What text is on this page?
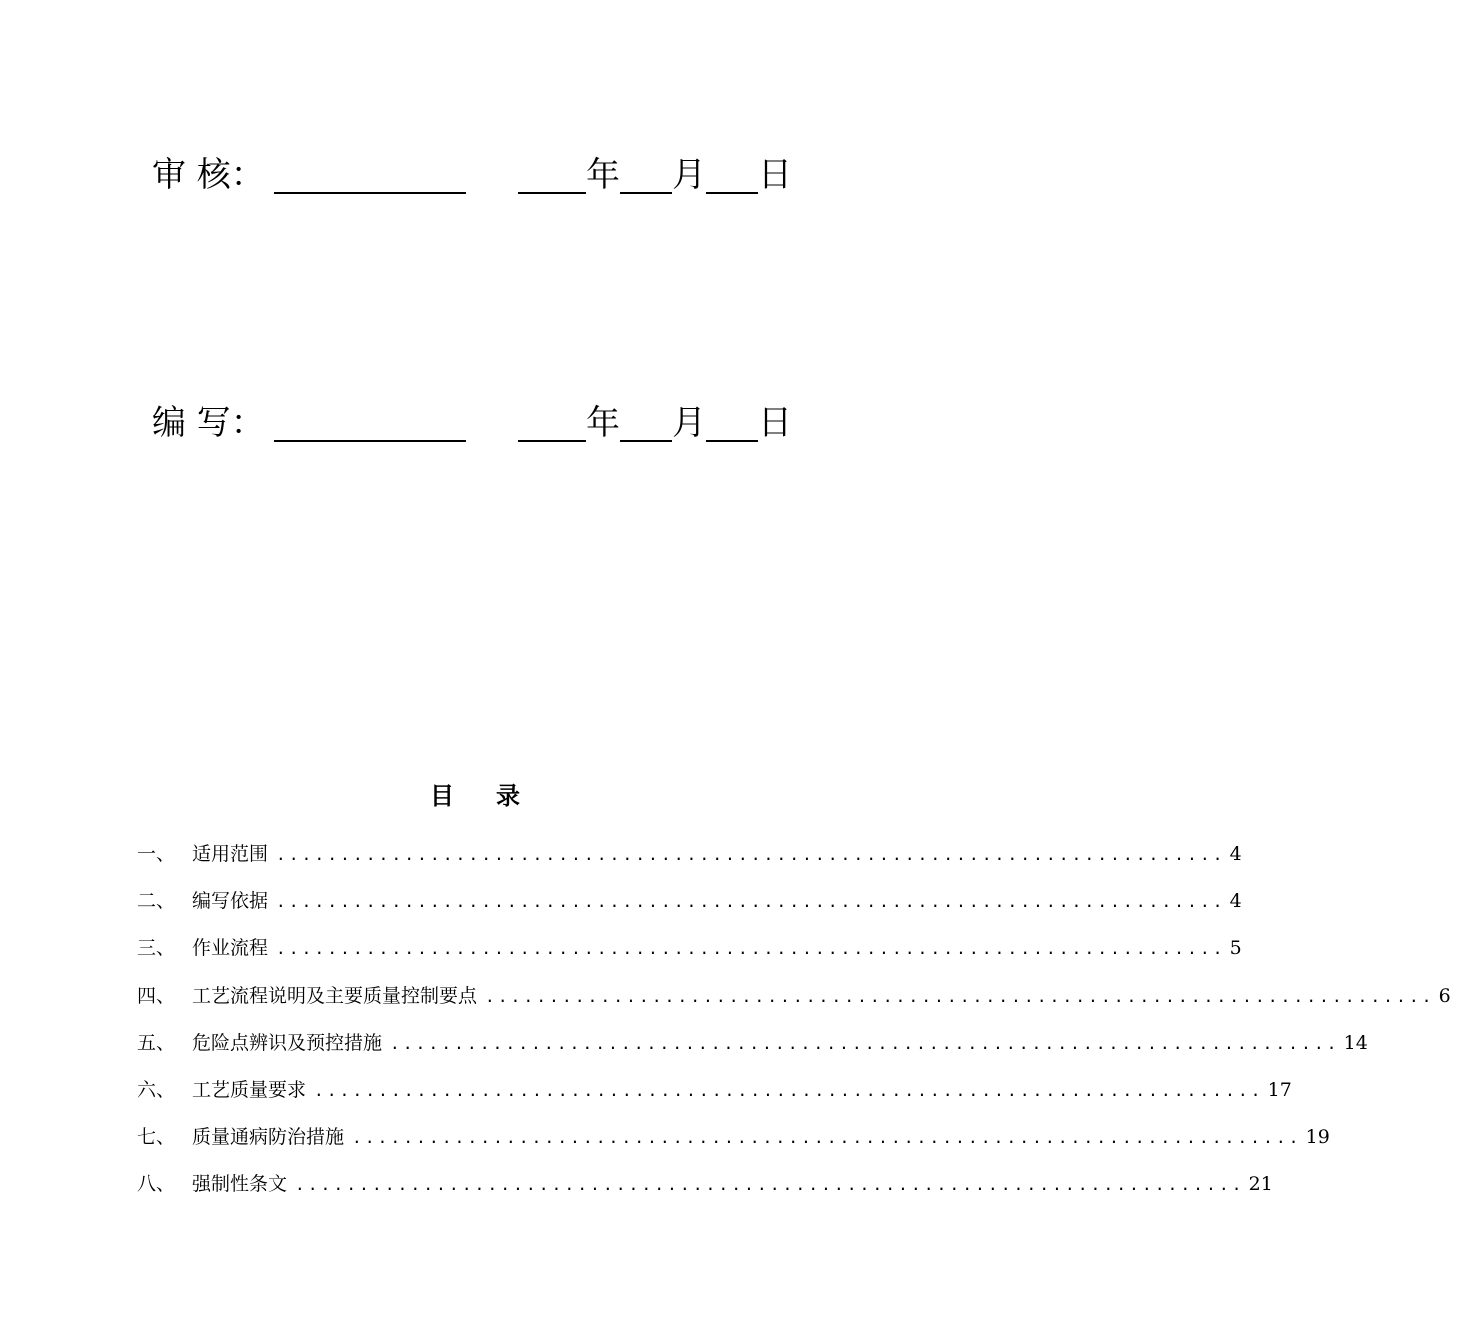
审 核：	年 月 日
编 写：	年 月 日
目 录
一、 适用范围 .......................................................................... 4
二、 编写依据 .......................................................................... 4
三、 作业流程 .......................................................................... 5
四、 工艺流程说明及主要质量控制要点 .......................................................................... 6
五、 危险点辨识及预控措施 .......................................................................... 14
六、 工艺质量要求 .......................................................................... 17
七、 质量通病防治措施 .......................................................................... 19
八、 强制性条文 .......................................................................... 21
